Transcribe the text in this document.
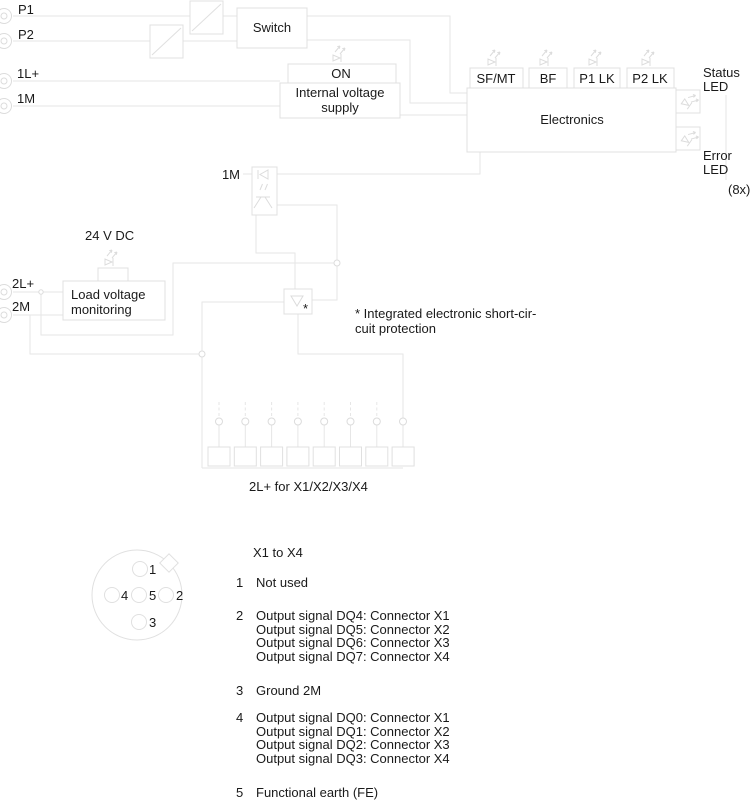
P1
P2
1L+
1M
Switch
ON
Internal voltage
supply
SF/MT BF P1 LK P2 LK
Electronics
Status
LED
Error
LED
(8x)
1M
24 V DC
2L+
2M
Load voltage
monitoring	*	* Integrated electronic short-cir-
cuit protection
2L+ for X1/X2/X3/X4
1
4 5 2
3
X1 to X4
1 Not used
2 Output signal DQ4: Connector X1
Output signal DQ5: Connector X2
Output signal DQ6: Connector X3
Output signal DQ7: Connector X4
3 Ground 2M
4 Output signal DQ0: Connector X1
Output signal DQ1: Connector X2
Output signal DQ2: Connector X3
Output signal DQ3: Connector X4
5 Functional earth (FE)
